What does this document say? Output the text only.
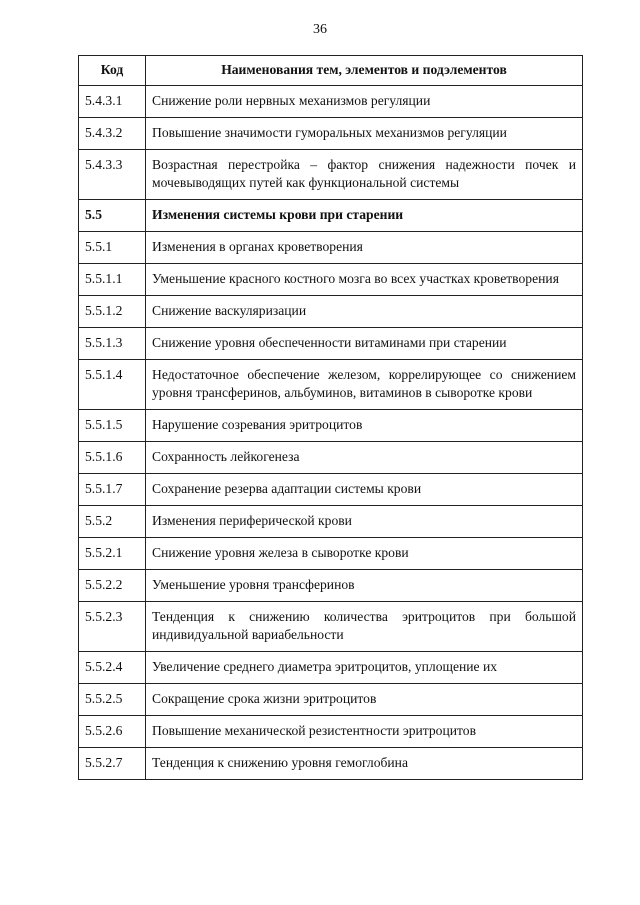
36
Код	Наименования тем, элементов и подэлементов
5.4.3.1	Снижение роли нервных механизмов регуляции
5.4.3.2	Повышение значимости гуморальных механизмов регуляции
5.4.3.3	Возрастная перестройка – фактор снижения надежности почек и мочевыводящих путей как функциональной системы
5.5	Изменения системы крови при старении
5.5.1	Изменения в органах кроветворения
5.5.1.1	Уменьшение красного костного мозга во всех участках кроветворения
5.5.1.2	Снижение васкуляризации
5.5.1.3	Снижение уровня обеспеченности витаминами при старении
5.5.1.4	Недостаточное обеспечение железом, коррелирующее со снижением уровня трансферинов, альбуминов, витаминов в сыворотке крови
5.5.1.5	Нарушение созревания эритроцитов
5.5.1.6	Сохранность лейкогенеза
5.5.1.7	Сохранение резерва адаптации системы крови
5.5.2	Изменения периферической крови
5.5.2.1	Снижение уровня железа в сыворотке крови
5.5.2.2	Уменьшение уровня трансферинов
5.5.2.3	Тенденция к снижению количества эритроцитов при большой индивидуальной вариабельности
5.5.2.4	Увеличение среднего диаметра эритроцитов, уплощение их
5.5.2.5	Сокращение срока жизни эритроцитов
5.5.2.6	Повышение механической резистентности эритроцитов
5.5.2.7	Тенденция к снижению уровня гемоглобина
